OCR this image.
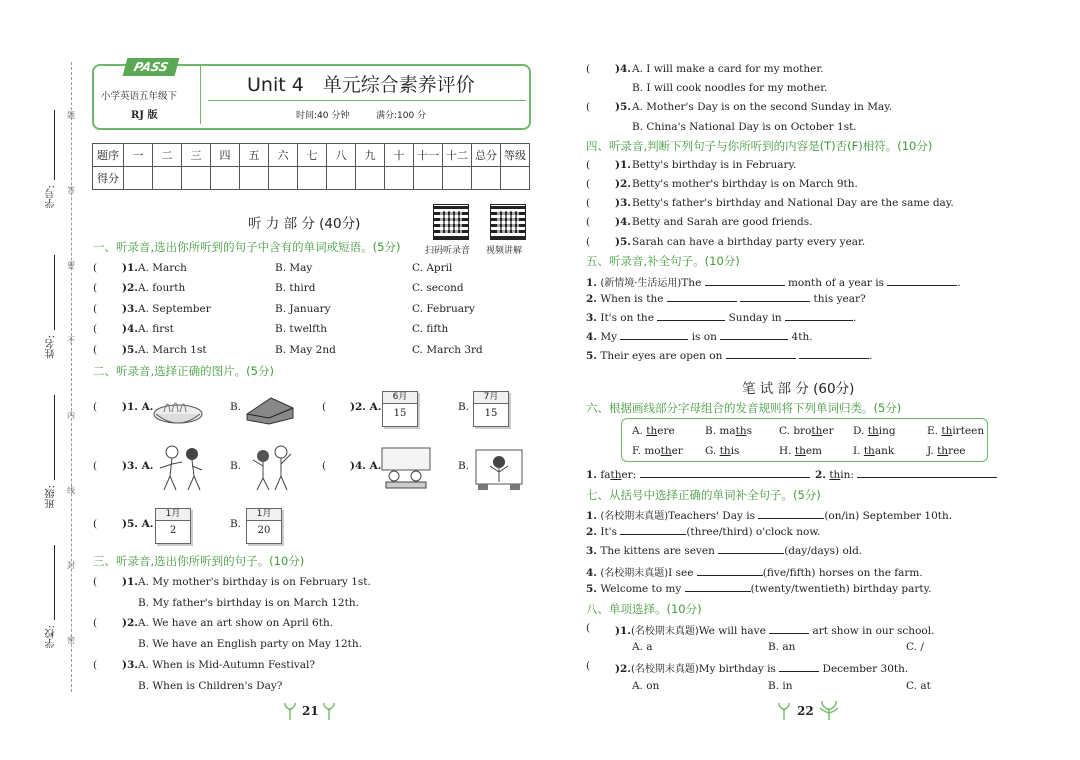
题
答
要
不
内
线
封
密
学号:
姓名:
班级:
学校:
PASS
小学英语五年级下
RJ 版
Unit 4　单元综合素养评价
时间:40 分钟	满分:100 分
题序	一	二	三	四	五	六	七	八	九	十	十一	十二	总分	等级
得分														
听 力 部 分 (40分)
扫码听录音 视频讲解
一、听录音,选出你所听到的句子中含有的单词或短语。(5分)
( )1. A. March	B. May	C. April
( )2. A. fourth	B. third	C. second
( )3. A. September	B. January	C. February
( )4. A. first	B. twelfth	C. fifth
( )5. A. March 1st	B. May 2nd	C. March 3rd
二、听录音,选择正确的图片。(5分)
( )1. A.	B.	( )2. A.
6月
15
B.
7月
15
( )3. A.	B.	( )4. A.	B.
( )5. A.
1月
2
B.
1月
20
三、听录音,选出你所听到的句子。(10分)
( )1. A. My mother's birthday is on February 1st.
B. My father's birthday is on March 12th.
( )2. A. We have an art show on April 6th.
B. We have an English party on May 12th.
( )3. A. When is Mid-Autumn Festival?
B. When is Children's Day?
21
( )4. A. I will make a card for my mother.
B. I will cook noodles for my mother.
( )5. A. Mother's Day is on the second Sunday in May.
B. China's National Day is on October 1st.
四、听录音,判断下列句子与你所听到的内容是(T)否(F)相符。(10分)
( )1. Betty's birthday is in February.
( )2. Betty's mother's birthday is on March 9th.
( )3. Betty's father's birthday and National Day are the same day.
( )4. Betty and Sarah are good friends.
( )5. Sarah can have a birthday party every year.
五、听录音,补全句子。(10分)
1. (新情境·生活运用)The	month of a year is	.
2. When is the	this year?
3. It's on the	Sunday in	.
4. My	is on	4th.
5. Their eyes are open on	.
笔 试 部 分 (60分)
六、根据画线部分字母组合的发音规则将下列单词归类。(5分)
A. there	B. maths	C. brother D. thing	E. thirteen
F. mother G. this	H. them	I. thank	J. three
1. father:	2. thin:
七、从括号中选择正确的单词补全句子。(5分)
1. (名校期末真题)Teachers' Day is	(on/in) September 10th.
2. It's	(three/third) o'clock now.
3. The kittens are seven	(day/days) old.
4. (名校期末真题)I see	(five/fifth) horses on the farm.
5. Welcome to my	(twenty/twentieth) birthday party.
八、单项选择。(10分)
( )1.(名校期末真题)We will have	art show in our school.
A. a	B. an	C. /
( )2.(名校期末真题)My birthday is	December 30th.
A. on	B. in	C. at
22
